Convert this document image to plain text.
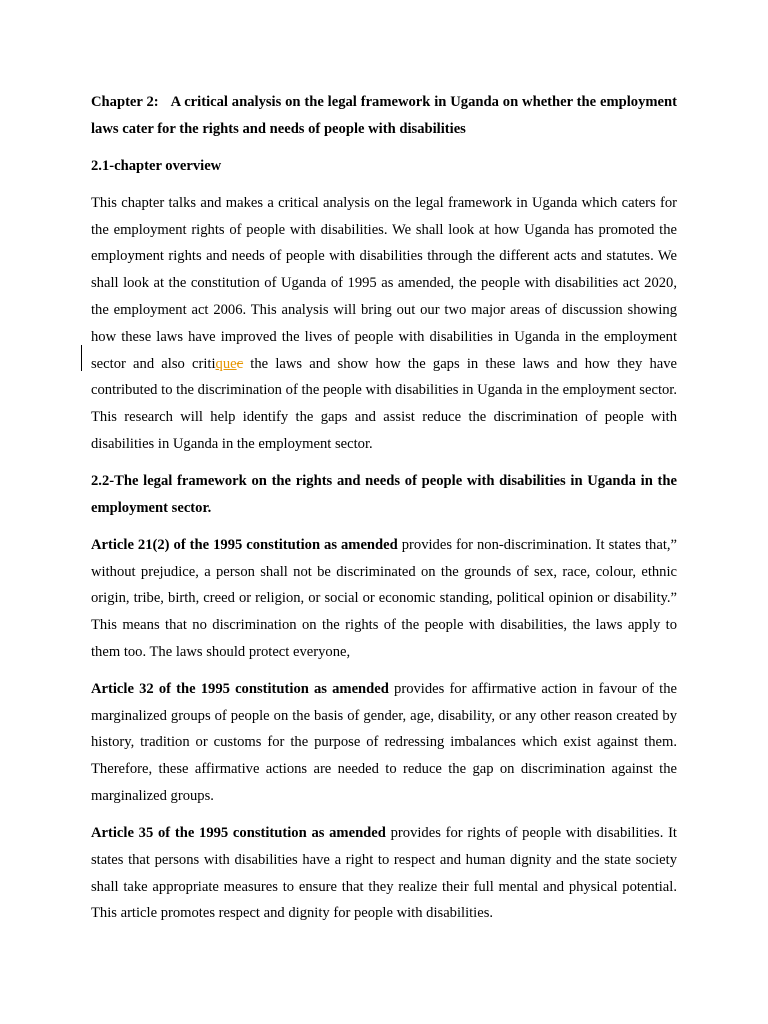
Chapter 2: A critical analysis on the legal framework in Uganda on whether the employment laws cater for the rights and needs of people with disabilities

2.1-chapter overview

This chapter talks and makes a critical analysis on the legal framework in Uganda which caters for the employment rights of people with disabilities. We shall look at how Uganda has promoted the employment rights and needs of people with disabilities through the different acts and statutes. We shall look at the constitution of Uganda of 1995 as amended, the people with disabilities act 2020, the employment act 2006. This analysis will bring out our two major areas of discussion showing how these laws have improved the lives of people with disabilities in Uganda in the employment sector and also critiquec the laws and show how the gaps in these laws and how they have contributed to the discrimination of the people with disabilities in Uganda in the employment sector. This research will help identify the gaps and assist reduce the discrimination of people with disabilities in Uganda in the employment sector.

2.2-The legal framework on the rights and needs of people with disabilities in Uganda in the employment sector.

Article 21(2) of the 1995 constitution as amended provides for non-discrimination. It states that,” without prejudice, a person shall not be discriminated on the grounds of sex, race, colour, ethnic origin, tribe, birth, creed or religion, or social or economic standing, political opinion or disability.” This means that no discrimination on the rights of the people with disabilities, the laws apply to them too. The laws should protect everyone,

Article 32 of the 1995 constitution as amended provides for affirmative action in favour of the marginalized groups of people on the basis of gender, age, disability, or any other reason created by history, tradition or customs for the purpose of redressing imbalances which exist against them. Therefore, these affirmative actions are needed to reduce the gap on discrimination against the marginalized groups.

Article 35 of the 1995 constitution as amended provides for rights of people with disabilities. It states that persons with disabilities have a right to respect and human dignity and the state society shall take appropriate measures to ensure that they realize their full mental and physical potential. This article promotes respect and dignity for people with disabilities.
